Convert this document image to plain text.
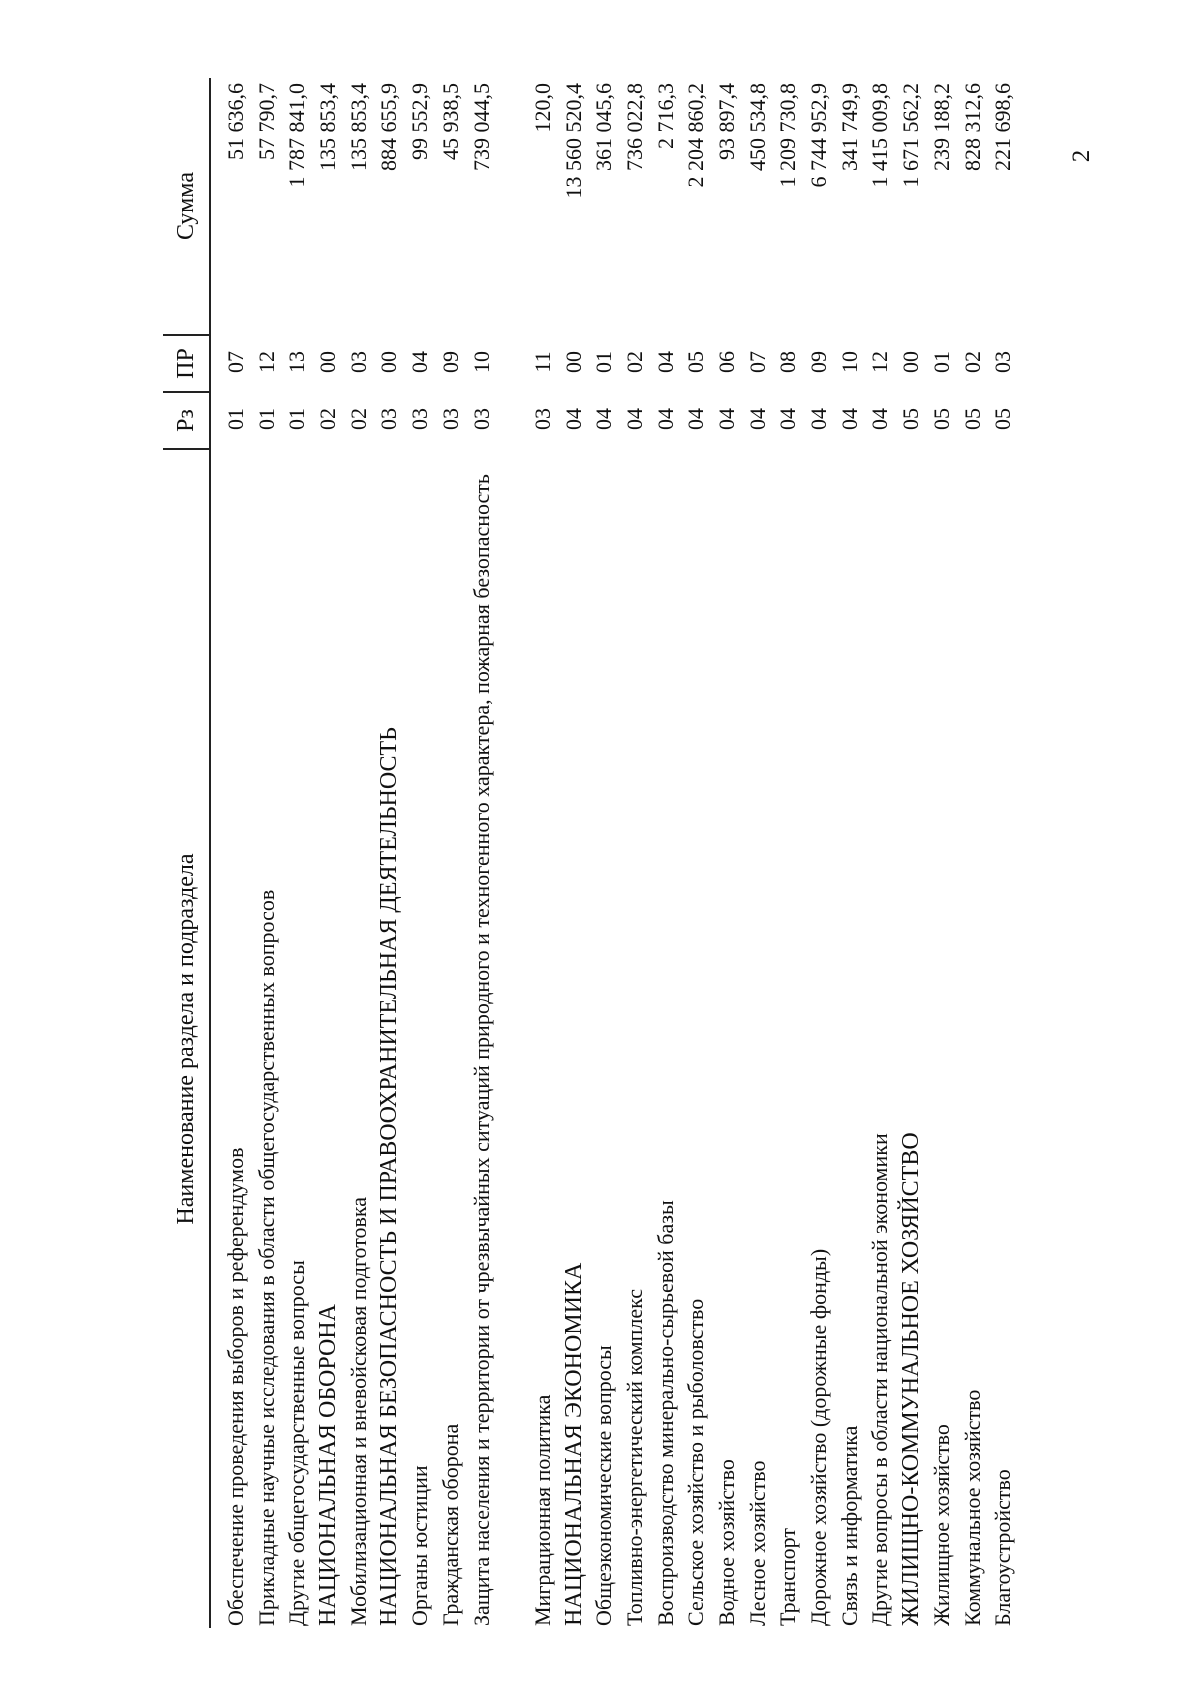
2
Наименование раздела и подраздела
Рз
ПР
Сумма
Обеспечение проведения выборов и референдумов
01
07
51 636,6
Прикладные научные исследования в области общегосударственных вопросов
01
12
57 790,7
Другие общегосударственные вопросы
01
13
1 787 841,0
НАЦИОНАЛЬНАЯ ОБОРОНА
02
00
135 853,4
Мобилизационная и вневойсковая подготовка
02
03
135 853,4
НАЦИОНАЛЬНАЯ БЕЗОПАСНОСТЬ И ПРАВООХРАНИТЕЛЬНАЯ ДЕЯТЕЛЬНОСТЬ
03
00
884 655,9
Органы юстиции
03
04
99 552,9
Гражданская оборона
03
09
45 938,5
Защита населения и территории от чрезвычайных ситуаций природного и техногенного характера, пожарная безопасность
03
10
739 044,5
Миграционная политика
03
11
120,0
НАЦИОНАЛЬНАЯ ЭКОНОМИКА
04
00
13 560 520,4
Общеэкономические вопросы
04
01
361 045,6
Топливно-энергетический комплекс
04
02
736 022,8
Воспроизводство минерально-сырьевой базы
04
04
2 716,3
Сельское хозяйство и рыболовство
04
05
2 204 860,2
Водное хозяйство
04
06
93 897,4
Лесное хозяйство
04
07
450 534,8
Транспорт
04
08
1 209 730,8
Дорожное хозяйство (дорожные фонды)
04
09
6 744 952,9
Связь и информатика
04
10
341 749,9
Другие вопросы в области национальной экономики
04
12
1 415 009,8
ЖИЛИЩНО-КОММУНАЛЬНОЕ ХОЗЯЙСТВО
05
00
1 671 562,2
Жилищное хозяйство
05
01
239 188,2
Коммунальное хозяйство
05
02
828 312,6
Благоустройство
05
03
221 698,6
